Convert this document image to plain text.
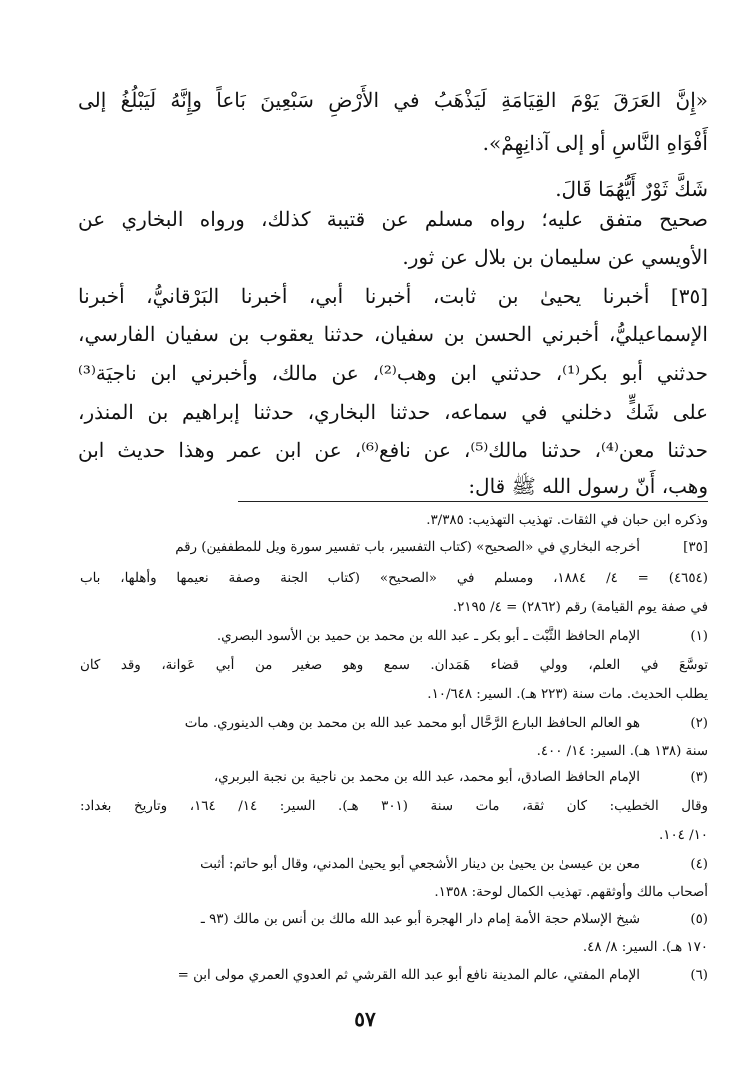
«إِنَّ العَرَقَ يَوْمَ القِيَامَةِ لَيَذْهَبُ في الأَرْضِ سَبْعِينَ بَاعاً وإِنَّهُ لَيَبْلُغُ إلى
أَفْوَاهِ النَّاسِ أو إلى آذانِهِمْ».
شَكَّ ثَوْرٌ أَيُّهُمَا قَالَ.
صحيح متفق عليه؛ رواه مسلم عن قتيبة كذلك، ورواه البخاري عن
الأويسي عن سليمان بن بلال عن ثور.
[٣٥] أخبرنا يحيىٰ بن ثابت، أخبرنا أبي، أخبرنا البَرْقانيُّ، أخبرنا
الإسماعيليُّ، أخبرني الحسن بن سفيان، حدثنا يعقوب بن سفيان الفارسي،
حدثني أبو بكر⁽¹⁾، حدثني ابن وهب⁽²⁾، عن مالك، وأخبرني ابن ناجيَة⁽³⁾
على شَكٍّ دخلني في سماعه، حدثنا البخاري، حدثنا إبراهيم بن المنذر،
حدثنا معن⁽⁴⁾، حدثنا مالك⁽⁵⁾، عن نافع⁽⁶⁾، عن ابن عمر وهذا حديث ابن
وهب، أَنّ رسول الله ﷺ قال:
وذكره ابن حبان في الثقات. تهذيب التهذيب: ٣/٣٨٥.
[٣٥]
أخرجه البخاري في «الصحيح» (كتاب التفسير، باب تفسير سورة ويل للمطففين) رقم
(٤٦٥٤) = ٤/ ١٨٨٤، ومسلم في «الصحيح» (كتاب الجنة وصفة نعيمها وأهلها، باب
في صفة يوم القيامة) رقم (٢٨٦٢) = ٤/ ٢١٩٥.
(١)
الإمام الحافظ الثَّبْت ـ أبو بكر ـ عبد الله بن محمد بن حميد بن الأسود البصري.
توسَّعَ في العلم، وولي قضاء هَمَدان. سمع وهو صغير من أبي عَوانة، وقد كان
يطلب الحديث. مات سنة (٢٢٣ هـ). السير: ١٠/٦٤٨.
(٢)
هو العالم الحافظ البارع الرَّحَّال أبو محمد عبد الله بن محمد بن وهب الدينوري. مات
سنة (١٣٨ هـ). السير: ١٤/ ٤٠٠.
(٣)
الإمام الحافظ الصادق، أبو محمد، عبد الله بن محمد بن ناجية بن نجبة البربري،
وقال الخطيب: كان ثقة، مات سنة (٣٠١ هـ). السير: ١٤/ ١٦٤، وتاريخ بغداد:
١٠/ ١٠٤.
(٤)
معن بن عيسىٰ بن يحيىٰ بن دينار الأشجعي أبو يحيىٰ المدني، وقال أبو حاتم: أثبت
أصحاب مالك وأوثقهم. تهذيب الكمال لوحة: ١٣٥٨.
(٥)
شيخ الإسلام حجة الأمة إمام دار الهجرة أبو عبد الله مالك بن أنس بن مالك (٩٣ ـ
١٧٠ هـ). السير: ٨/ ٤٨.
(٦)
الإمام المفتي، عالم المدينة نافع أبو عبد الله القرشي ثم العدوي العمري مولى ابن =
٥٧
